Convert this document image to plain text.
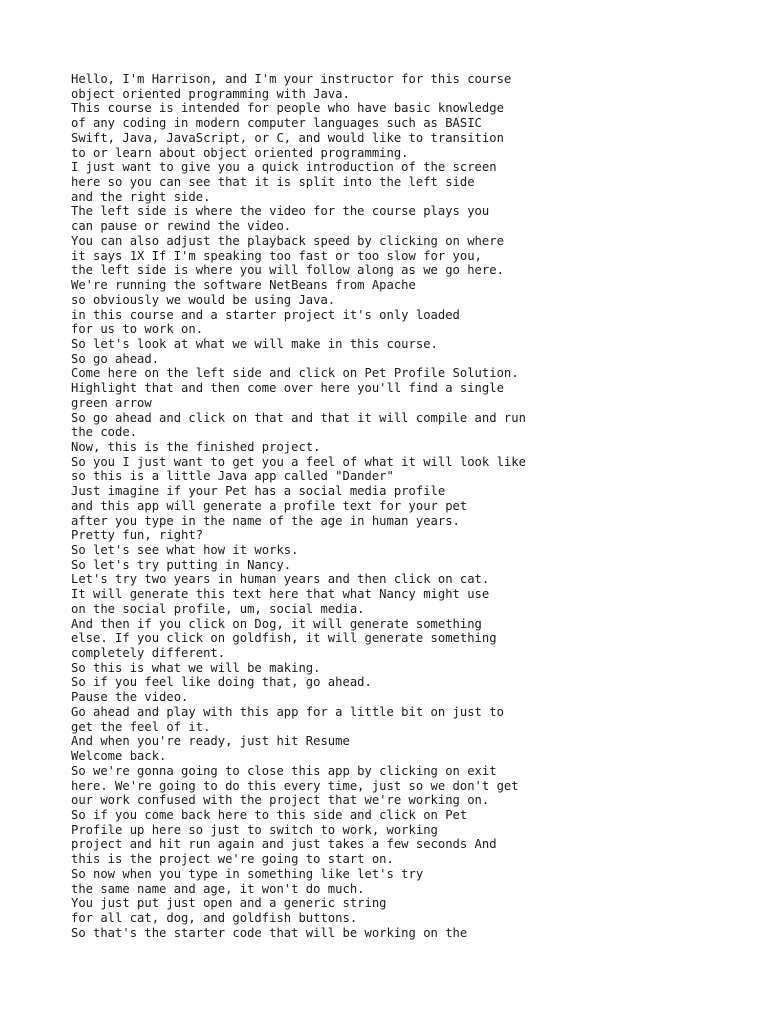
Hello, I'm Harrison, and I'm your instructor for this course
object oriented programming with Java.
This course is intended for people who have basic knowledge
of any coding in modern computer languages such as BASIC
Swift, Java, JavaScript, or C, and would like to transition
to or learn about object oriented programming.
I just want to give you a quick introduction of the screen
here so you can see that it is split into the left side
and the right side.
The left side is where the video for the course plays you
can pause or rewind the video.
You can also adjust the playback speed by clicking on where
it says 1X If I'm speaking too fast or too slow for you,
the left side is where you will follow along as we go here.
We're running the software NetBeans from Apache
so obviously we would be using Java.
in this course and a starter project it's only loaded
for us to work on.
So let's look at what we will make in this course.
So go ahead.
Come here on the left side and click on Pet Profile Solution.
Highlight that and then come over here you'll find a single
green arrow
So go ahead and click on that and that it will compile and run
the code.
Now, this is the finished project.
So you I just want to get you a feel of what it will look like
so this is a little Java app called "Dander"
Just imagine if your Pet has a social media profile
and this app will generate a profile text for your pet
after you type in the name of the age in human years.
Pretty fun, right?
So let's see what how it works.
So let's try putting in Nancy.
Let's try two years in human years and then click on cat.
It will generate this text here that what Nancy might use
on the social profile, um, social media.
And then if you click on Dog, it will generate something
else. If you click on goldfish, it will generate something
completely different.
So this is what we will be making.
So if you feel like doing that, go ahead.
Pause the video.
Go ahead and play with this app for a little bit on just to
get the feel of it.
And when you're ready, just hit Resume
Welcome back.
So we're gonna going to close this app by clicking on exit
here. We're going to do this every time, just so we don't get
our work confused with the project that we're working on.
So if you come back here to this side and click on Pet
Profile up here so just to switch to work, working
project and hit run again and just takes a few seconds And
this is the project we're going to start on.
So now when you type in something like let's try
the same name and age, it won't do much.
You just put just open and a generic string
for all cat, dog, and goldfish buttons.
So that's the starter code that will be working on the
